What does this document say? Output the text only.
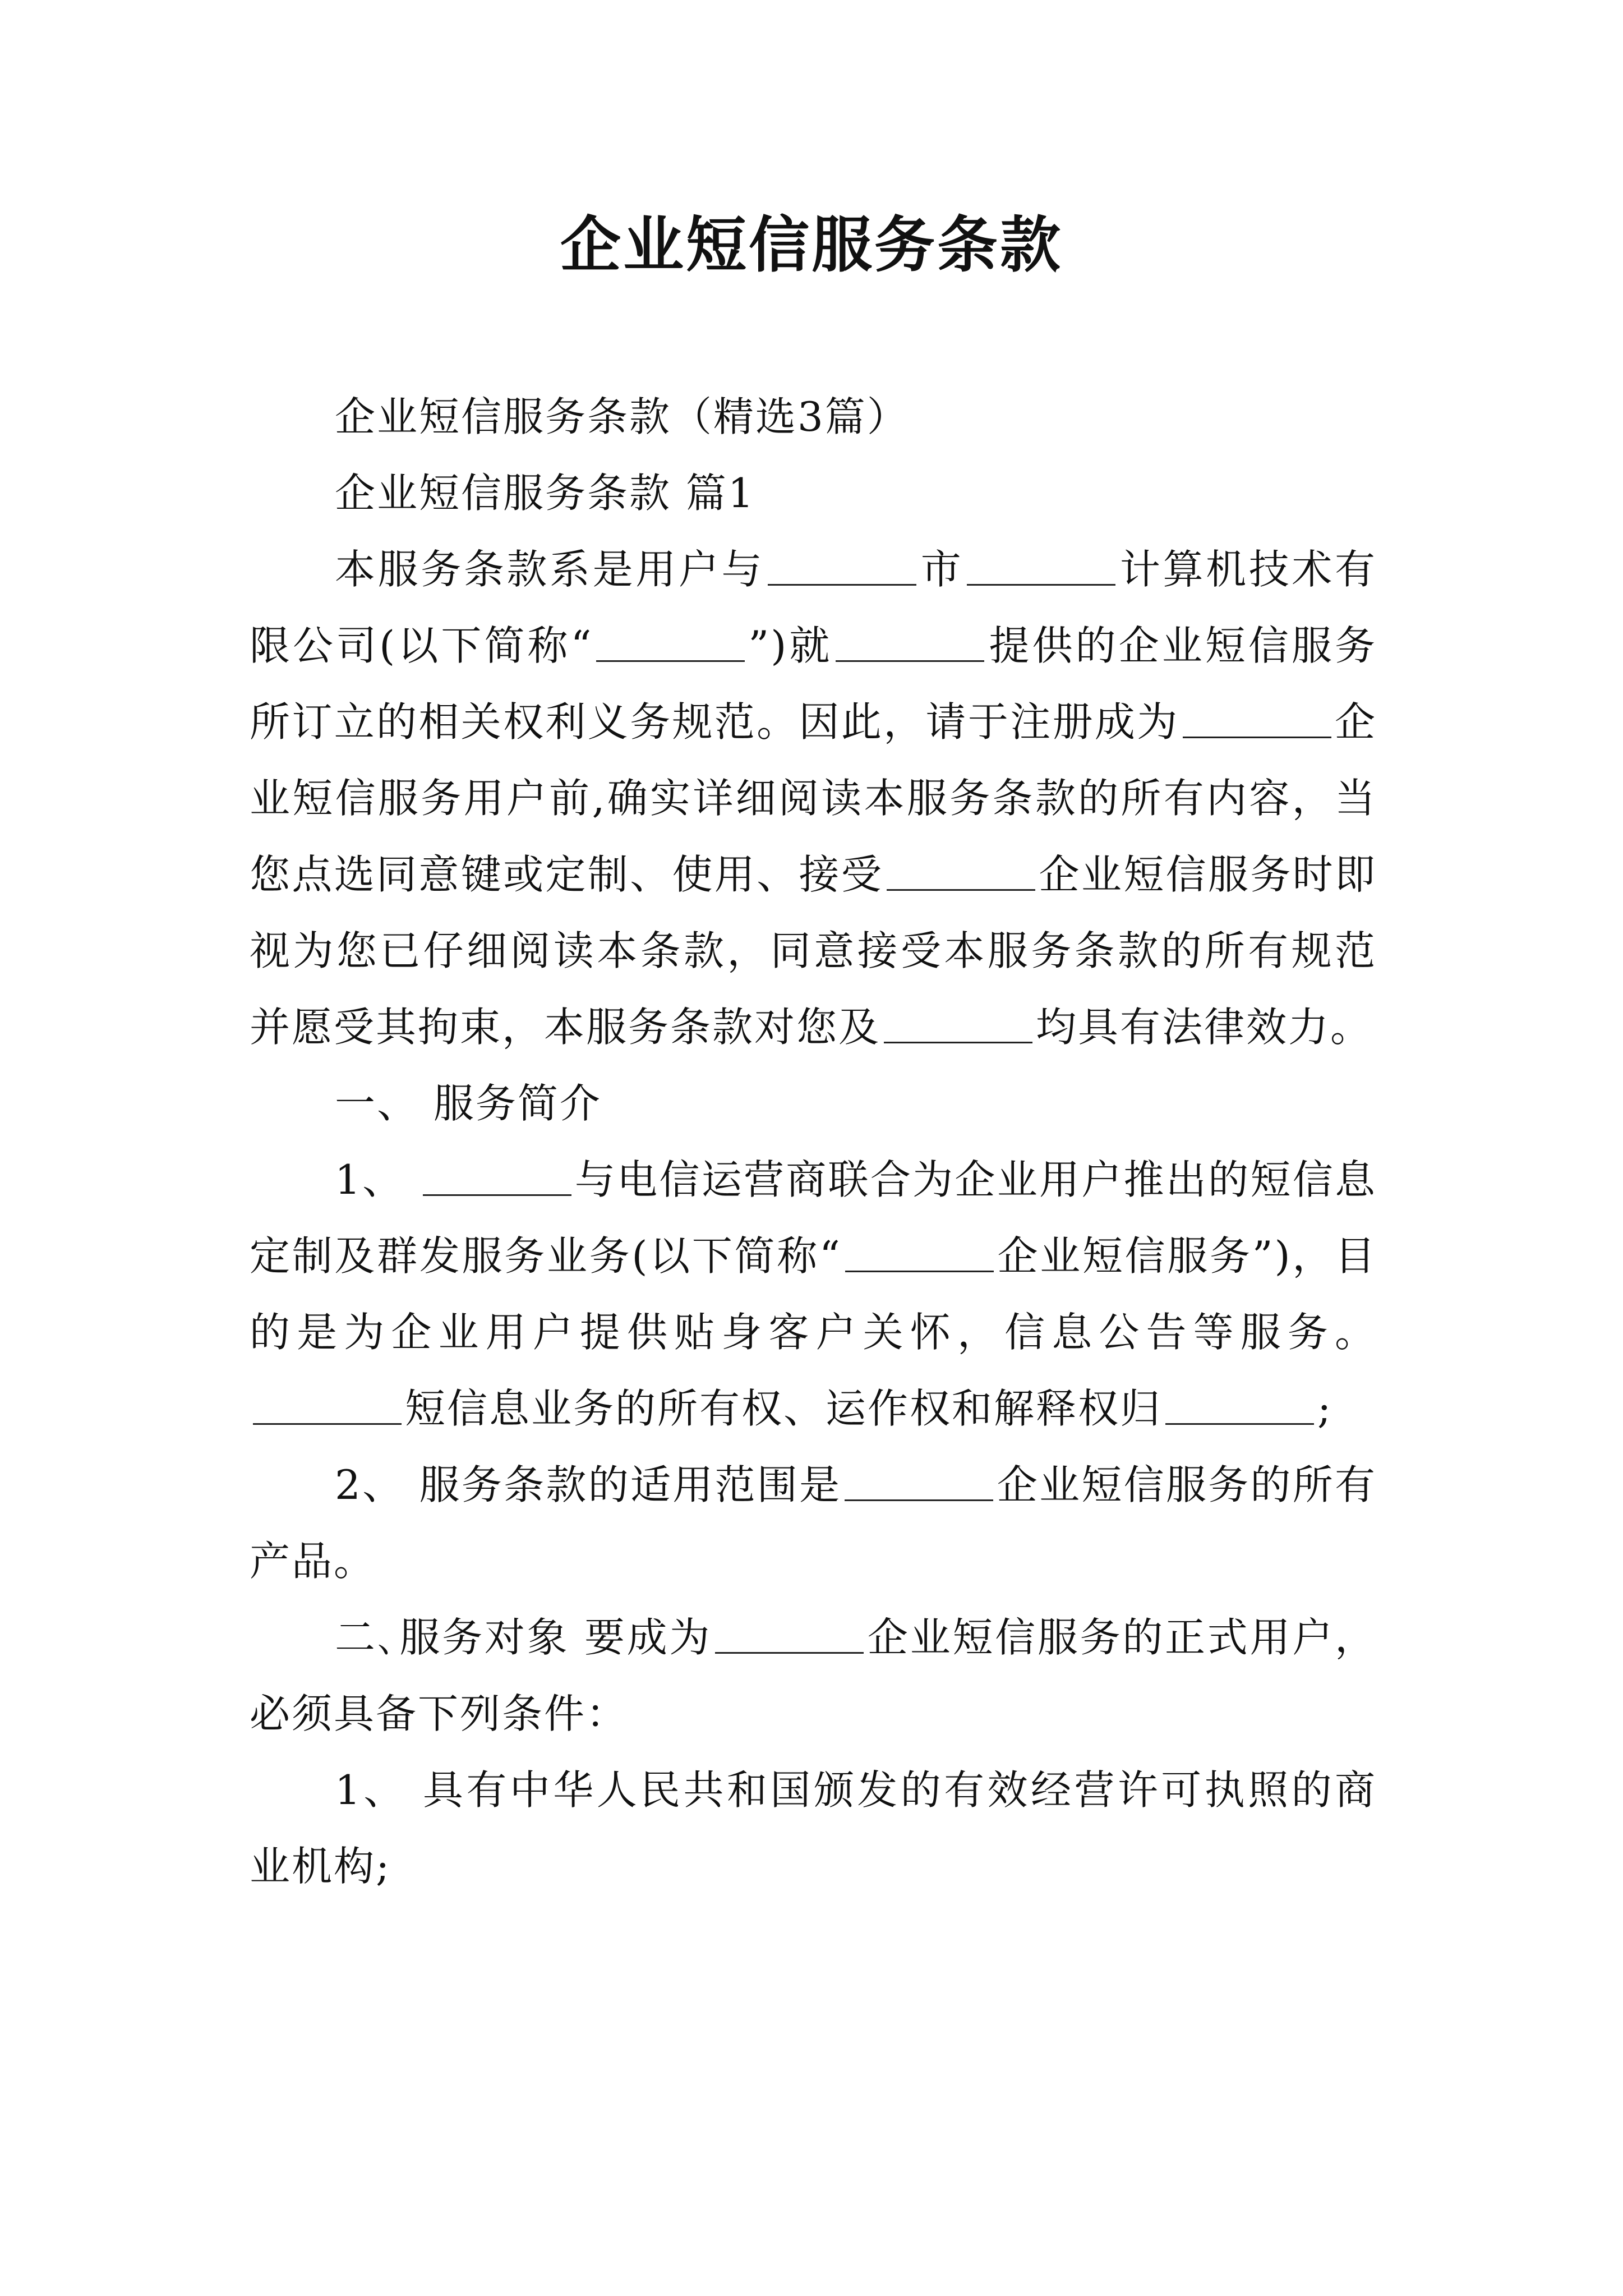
企业短信服务条款

企业短信服务条款（精选3篇）

企业短信服务条款 篇1

本服务条款系是用户与	市	计算机技术有限公司(以下简称“	”)就	提供的企业短信服务所订立的相关权利义务规范。因此，请于注册成为	企业短信服务用户前,确实详细阅读本服务条款的所有内容，当您点选同意键或定制、使用、接受	企业短信服务时即视为您已仔细阅读本条款，同意接受本服务条款的所有规范并愿受其拘束，本服务条款对您及	均具有法律效力。

一、 服务简介

1、	与电信运营商联合为企业用户推出的短信息定制及群发服务业务(以下简称“	企业短信服务”)，目的是为企业用户提供贴身客户关怀，信息公告等服务。短信息业务的所有权、运作权和解释权归	;

2、 服务条款的适用范围是	企业短信服务的所有产品。

二､服务对象 要成为	企业短信服务的正式用户，必须具备下列条件：

1、 具有中华人民共和国颁发的有效经营许可执照的商业机构;
